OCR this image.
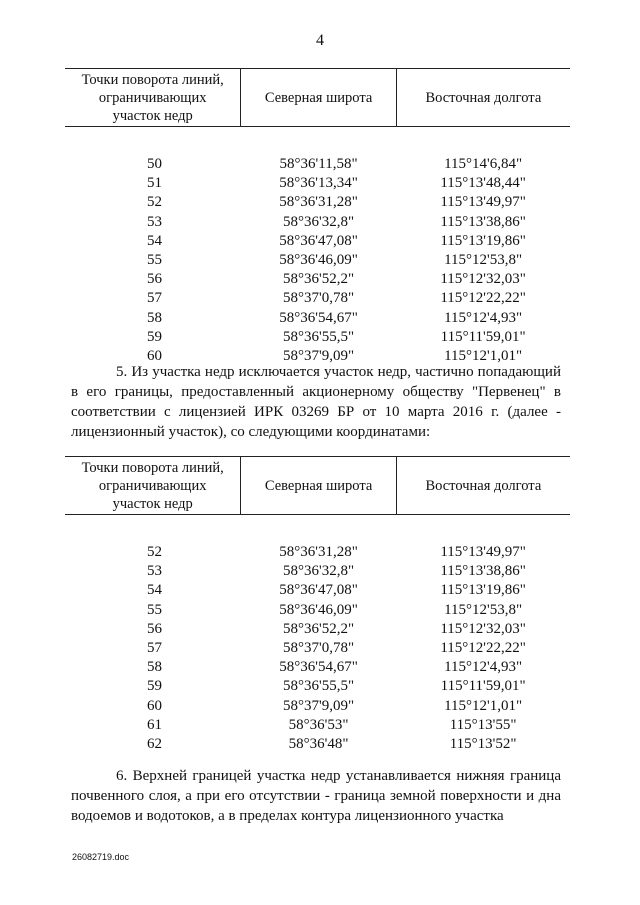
4
Точки поворота линий,
ограничивающих
участок недр	Северная широта	Восточная долгота

50	58°36'11,58"	115°14'6,84"
51	58°36'13,34"	115°13'48,44"
52	58°36'31,28"	115°13'49,97"
53	58°36'32,8"	115°13'38,86"
54	58°36'47,08"	115°13'19,86"
55	58°36'46,09"	115°12'53,8"
56	58°36'52,2"	115°12'32,03"
57	58°37'0,78"	115°12'22,22"
58	58°36'54,67"	115°12'4,93"
59	58°36'55,5"	115°11'59,01"
60	58°37'9,09"	115°12'1,01"

5. Из участка недр исключается участок недр, частично попадающий в его границы, предоставленный акционерному обществу "Первенец" в соответствии с лицензией ИРК 03269 БР от 10 марта 2016 г. (далее - лицензионный участок), со следующими координатами:

Точки поворота линий,
ограничивающих
участок недр	Северная широта	Восточная долгота

52	58°36'31,28"	115°13'49,97"
53	58°36'32,8"	115°13'38,86"
54	58°36'47,08"	115°13'19,86"
55	58°36'46,09"	115°12'53,8"
56	58°36'52,2"	115°12'32,03"
57	58°37'0,78"	115°12'22,22"
58	58°36'54,67"	115°12'4,93"
59	58°36'55,5"	115°11'59,01"
60	58°37'9,09"	115°12'1,01"
61	58°36'53"	115°13'55"
62	58°36'48"	115°13'52"

6. Верхней границей участка недр устанавливается нижняя граница почвенного слоя, а при его отсутствии - граница земной поверхности и дна водоемов и водотоков, а в пределах контура лицензионного участка

26082719.doc
